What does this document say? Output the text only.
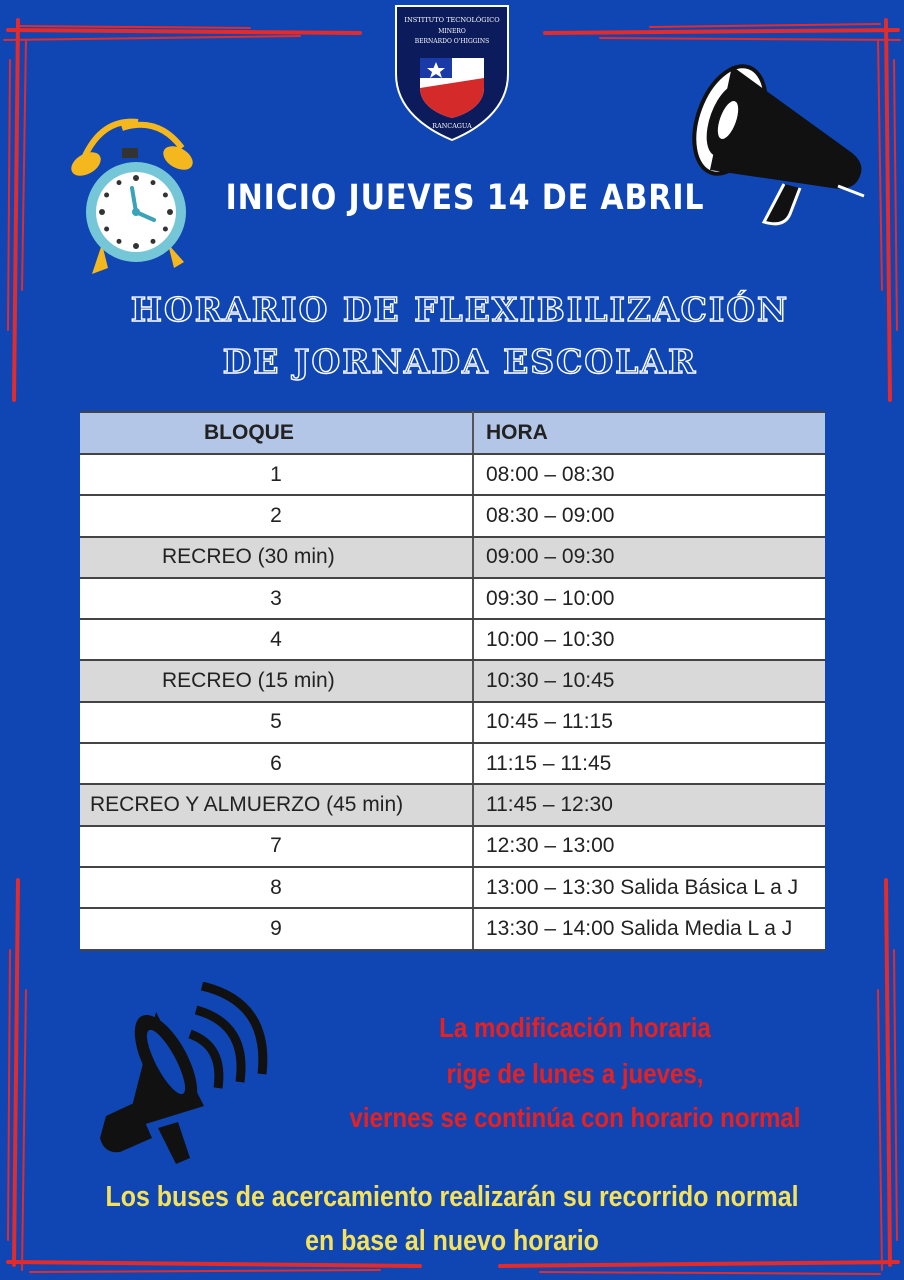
INSTITUTO TECNOLÓGICO
MINERO
BERNARDO O'HIGGINS
RANCAGUA
INICIO JUEVES 14 DE ABRIL
HORARIO DE FLEXIBILIZACIÓN
DE JORNADA ESCOLAR
BLOQUE	HORA
1	08:00 – 08:30
2	08:30 – 09:00
RECREO (30 min)	09:00 – 09:30
3	09:30 – 10:00
4	10:00 – 10:30
RECREO (15 min)	10:30 – 10:45
5	10:45 – 11:15
6	11:15 – 11:45
RECREO Y ALMUERZO (45 min)	11:45 – 12:30
7	12:30 – 13:00
8	13:00 – 13:30 Salida Básica L a J
9	13:30 – 14:00 Salida Media L a J
La modificación horaria
rige de lunes a jueves,
viernes se continúa con horario normal
Los buses de acercamiento realizarán su recorrido normal
en base al nuevo horario
